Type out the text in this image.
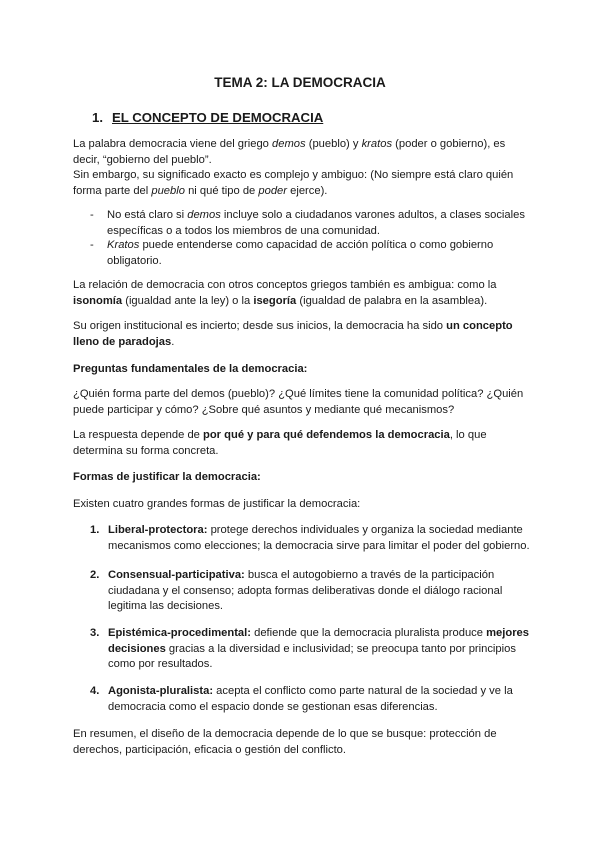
TEMA 2: LA DEMOCRACIA
1. EL CONCEPTO DE DEMOCRACIA

La palabra democracia viene del griego demos (pueblo) y kratos (poder o gobierno), es decir, “gobierno del pueblo”.
Sin embargo, su significado exacto es complejo y ambiguo: (No siempre está claro quién forma parte del pueblo ni qué tipo de poder ejerce).

- No está claro si demos incluye solo a ciudadanos varones adultos, a clases sociales específicas o a todos los miembros de una comunidad.

- Kratos puede entenderse como capacidad de acción política o como gobierno obligatorio.

La relación de democracia con otros conceptos griegos también es ambigua: como la isonomía (igualdad ante la ley) o la isegoría (igualdad de palabra en la asamblea).

Su origen institucional es incierto; desde sus inicios, la democracia ha sido un concepto lleno de paradojas.

Preguntas fundamentales de la democracia:

¿Quién forma parte del demos (pueblo)? ¿Qué límites tiene la comunidad política? ¿Quién puede participar y cómo? ¿Sobre qué asuntos y mediante qué mecanismos?

La respuesta depende de por qué y para qué defendemos la democracia, lo que determina su forma concreta.

Formas de justificar la democracia:

Existen cuatro grandes formas de justificar la democracia:

1. Liberal-protectora: protege derechos individuales y organiza la sociedad mediante mecanismos como elecciones; la democracia sirve para limitar el poder del gobierno.

2. Consensual-participativa: busca el autogobierno a través de la participación ciudadana y el consenso; adopta formas deliberativas donde el diálogo racional legitima las decisiones.

3. Epistémica-procedimental: defiende que la democracia pluralista produce mejores decisiones gracias a la diversidad e inclusividad; se preocupa tanto por principios como por resultados.

4. Agonista-pluralista: acepta el conflicto como parte natural de la sociedad y ve la democracia como el espacio donde se gestionan esas diferencias.

En resumen, el diseño de la democracia depende de lo que se busque: protección de derechos, participación, eficacia o gestión del conflicto.
